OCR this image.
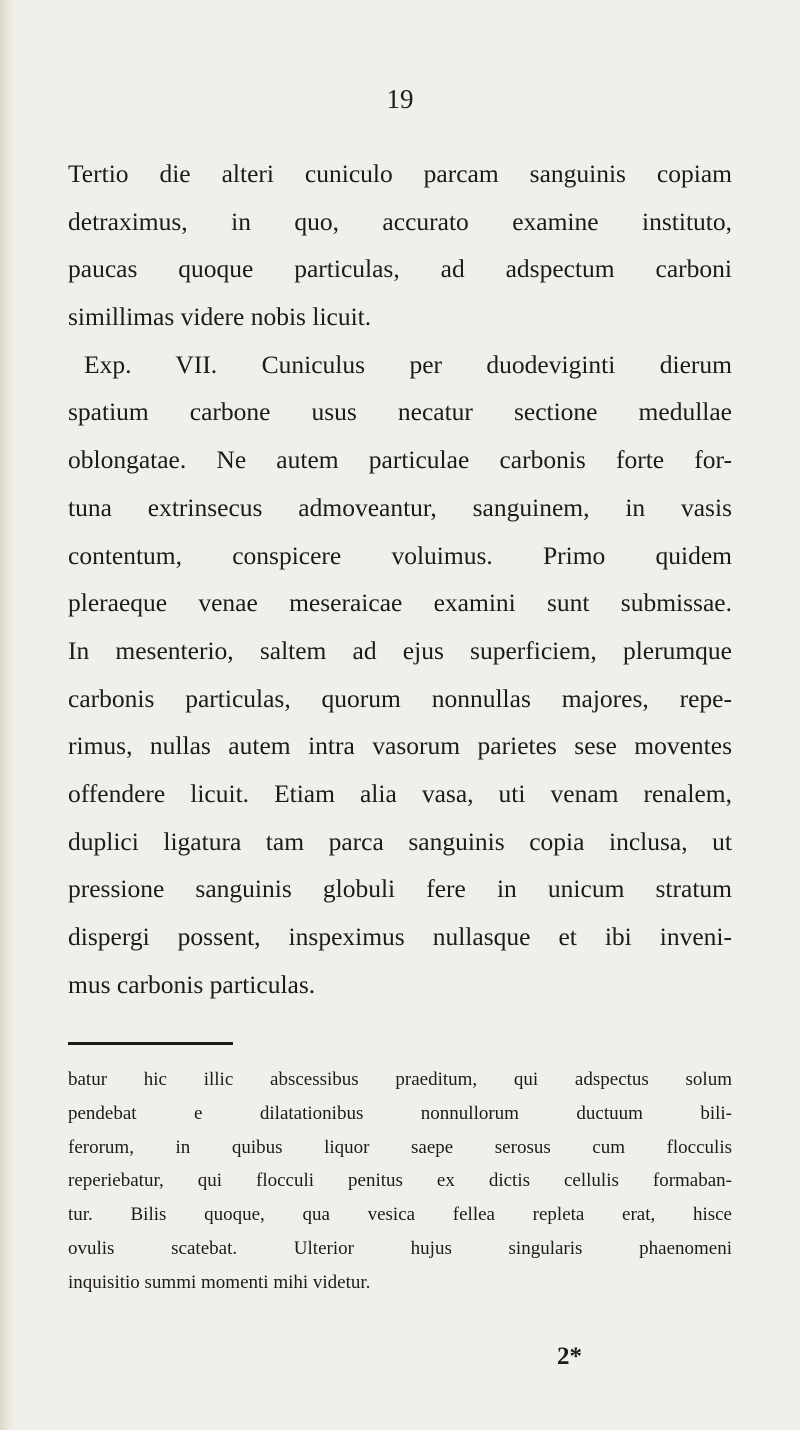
19
Tertio die alteri cuniculo parcam sanguinis copiam
detraximus, in quo, accurato examine instituto,
paucas quoque particulas, ad adspectum carboni
simillimas videre nobis licuit.
Exp. VII. Cuniculus per duodeviginti dierum
spatium carbone usus necatur sectione medullae
oblongatae. Ne autem particulae carbonis forte for-
tuna extrinsecus admoveantur, sanguinem, in vasis
contentum, conspicere voluimus. Primo quidem
pleraeque venae meseraicae examini sunt submissae.
In mesenterio, saltem ad ejus superficiem, plerumque
carbonis particulas, quorum nonnullas majores, repe-
rimus, nullas autem intra vasorum parietes sese moventes
offendere licuit. Etiam alia vasa, uti venam renalem,
duplici ligatura tam parca sanguinis copia inclusa, ut
pressione sanguinis globuli fere in unicum stratum
dispergi possent, inspeximus nullasque et ibi inveni-
mus carbonis particulas.
batur hic illic abscessibus praeditum, qui adspectus solum
pendebat e dilatationibus nonnullorum ductuum bili-
ferorum, in quibus liquor saepe serosus cum flocculis
reperiebatur, qui flocculi penitus ex dictis cellulis formaban-
tur. Bilis quoque, qua vesica fellea repleta erat, hisce
ovulis scatebat. Ulterior hujus singularis phaenomeni
inquisitio summi momenti mihi videtur.
2*
